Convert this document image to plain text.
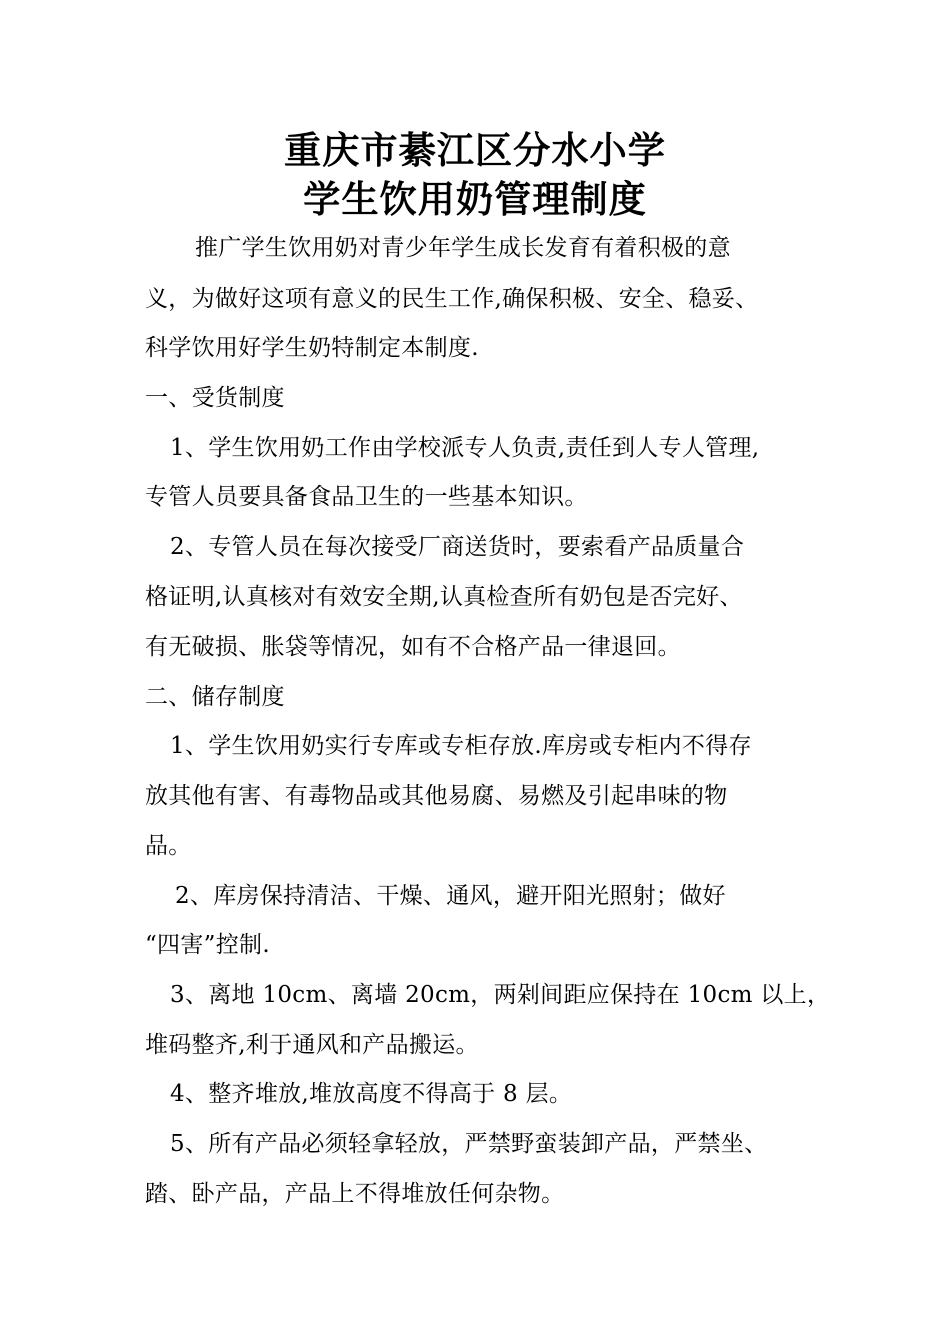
重庆市綦江区分水小学
学生饮用奶管理制度
推广学生饮用奶对青少年学生成长发育有着积极的意
义，为做好这项有意义的民生工作,确保积极、安全、稳妥、
科学饮用好学生奶特制定本制度.
一、受货制度
1、学生饮用奶工作由学校派专人负责,责任到人专人管理,
专管人员要具备食品卫生的一些基本知识。
2、专管人员在每次接受厂商送货时，要索看产品质量合
格证明,认真核对有效安全期,认真检查所有奶包是否完好、
有无破损、胀袋等情况，如有不合格产品一律退回。
二、储存制度
1、学生饮用奶实行专库或专柜存放.库房或专柜内不得存
放其他有害、有毒物品或其他易腐、易燃及引起串味的物
品。
2、库房保持清洁、干燥、通风，避开阳光照射；做好
“四害”控制.
3、离地 10cm、离墙 20cm，两剁间距应保持在 10cm 以上，
堆码整齐,利于通风和产品搬运。
4、整齐堆放,堆放高度不得高于 8 层。
5、所有产品必须轻拿轻放，严禁野蛮装卸产品，严禁坐、
踏、卧产品，产品上不得堆放任何杂物。
